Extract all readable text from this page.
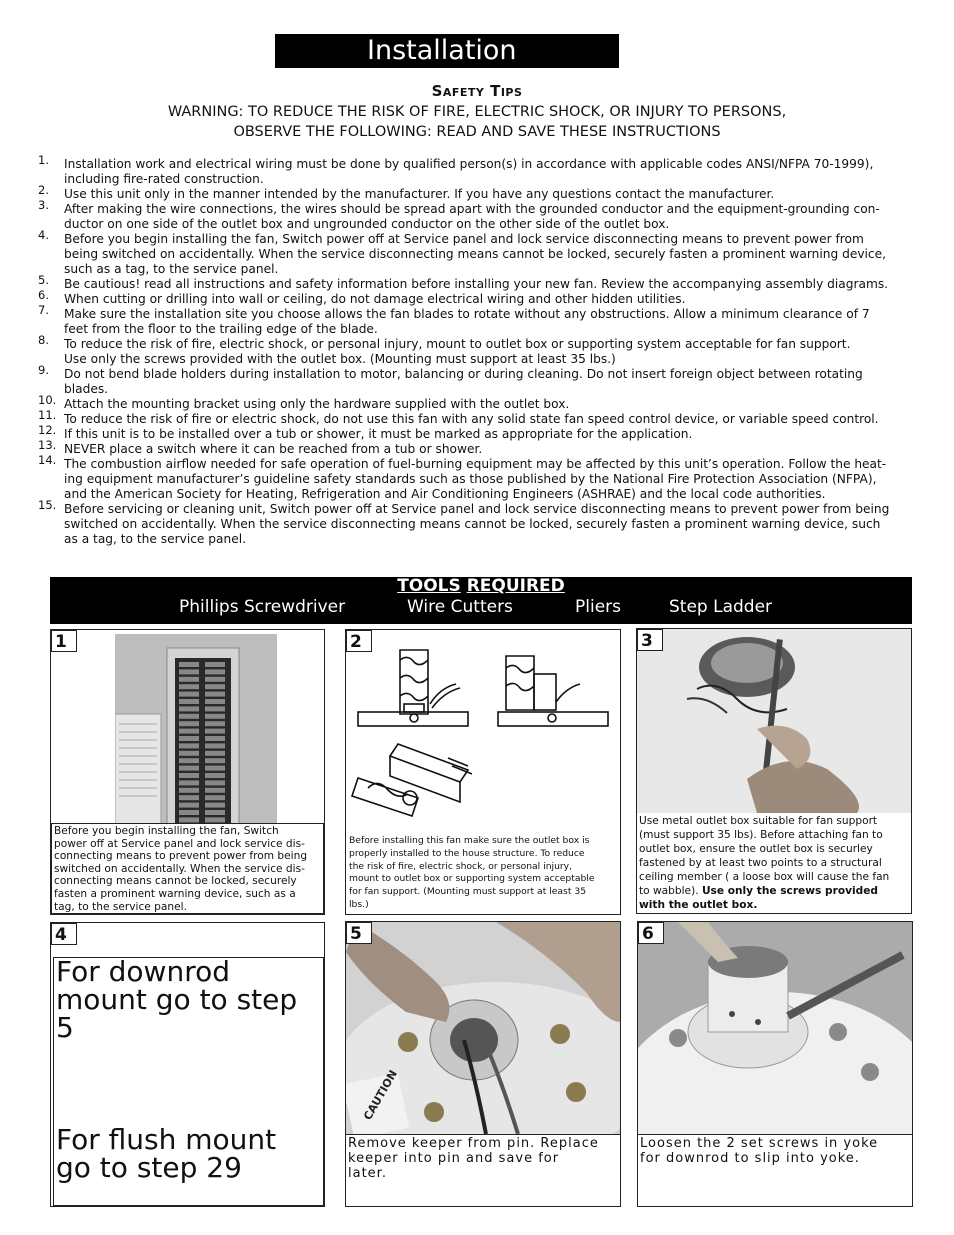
Installation
Safety Tips
WARNING: TO REDUCE THE RISK OF FIRE, ELECTRIC SHOCK, OR INJURY TO PERSONS,
OBSERVE THE FOLLOWING: READ AND SAVE THESE INSTRUCTIONS
1. Installation work and electrical wiring must be done by qualified person(s) in accordance with applicable codes ANSI/NFPA 70-1999),
including fire-rated construction.
2. Use this unit only in the manner intended by the manufacturer. If you have any questions contact the manufacturer.
3. After making the wire connections, the wires should be spread apart with the grounded conductor and the equipment-grounding con-
ductor on one side of the outlet box and ungrounded conductor on the other side of the outlet box.
4. Before you begin installing the fan, Switch power off at Service panel and lock service disconnecting means to prevent power from
being switched on accidentally. When the service disconnecting means cannot be locked, securely fasten a prominent warning device,
such as a tag, to the service panel.
5. Be cautious! read all instructions and safety information before installing your new fan. Review the accompanying assembly diagrams.
6. When cutting or drilling into wall or ceiling, do not damage electrical wiring and other hidden utilities.
7. Make sure the installation site you choose allows the fan blades to rotate without any obstructions. Allow a minimum clearance of 7
feet from the floor to the trailing edge of the blade.
8. To reduce the risk of fire, electric shock, or personal injury, mount to outlet box or supporting system acceptable for fan support.
Use only the screws provided with the outlet box. (Mounting must support at least 35 lbs.)
9. Do not bend blade holders during installation to motor, balancing or during cleaning. Do not insert foreign object between rotating
blades.
10. Attach the mounting bracket using only the hardware supplied with the outlet box.
11. To reduce the risk of fire or electric shock, do not use this fan with any solid state fan speed control device, or variable speed control.
12. If this unit is to be installed over a tub or shower, it must be marked as appropriate for the application.
13. NEVER place a switch where it can be reached from a tub or shower.
14. The combustion airflow needed for safe operation of fuel-burning equipment may be affected by this unit’s operation. Follow the heat-
ing equipment manufacturer’s guideline safety standards such as those published by the National Fire Protection Association (NFPA),
and the American Society for Heating, Refrigeration and Air Conditioning Engineers (ASHRAE) and the local code authorities.
15. Before servicing or cleaning unit, Switch power off at Service panel and lock service disconnecting means to prevent power from being
switched on accidentally. When the service disconnecting means cannot be locked, securely fasten a prominent warning device, such
as a tag, to the service panel.
TOOLS REQUIRED
Phillips Screwdriver	Wire Cutters	Pliers	Step Ladder
1
Before you begin installing the fan, Switch
power off at Service panel and lock service dis-
connecting means to prevent power from being
switched on accidentally. When the service dis-
connecting means cannot be locked, securely
fasten a prominent warning device, such as a
tag, to the service panel.
2
Before installing this fan make sure the outlet box is
properly installed to the house structure. To reduce
the risk of fire, electric shock, or personal injury,
mount to outlet box or supporting system acceptable
for fan support. (Mounting must support at least 35
lbs.)
3
Use metal outlet box suitable for fan support
(must support 35 lbs). Before attaching fan to
outlet box, ensure the outlet box is securley
fastened by at least two points to a structural
ceiling member ( a loose box will cause the fan
to wabble). Use only the screws provided
with the outlet box.
4
For downrod
mount go to step
5
For flush mount
go to step 29
CAUTION
5
Remove keeper from pin. Replace
keeper into pin and save for
later.
6
Loosen the 2 set screws in yoke
for downrod to slip into yoke.
